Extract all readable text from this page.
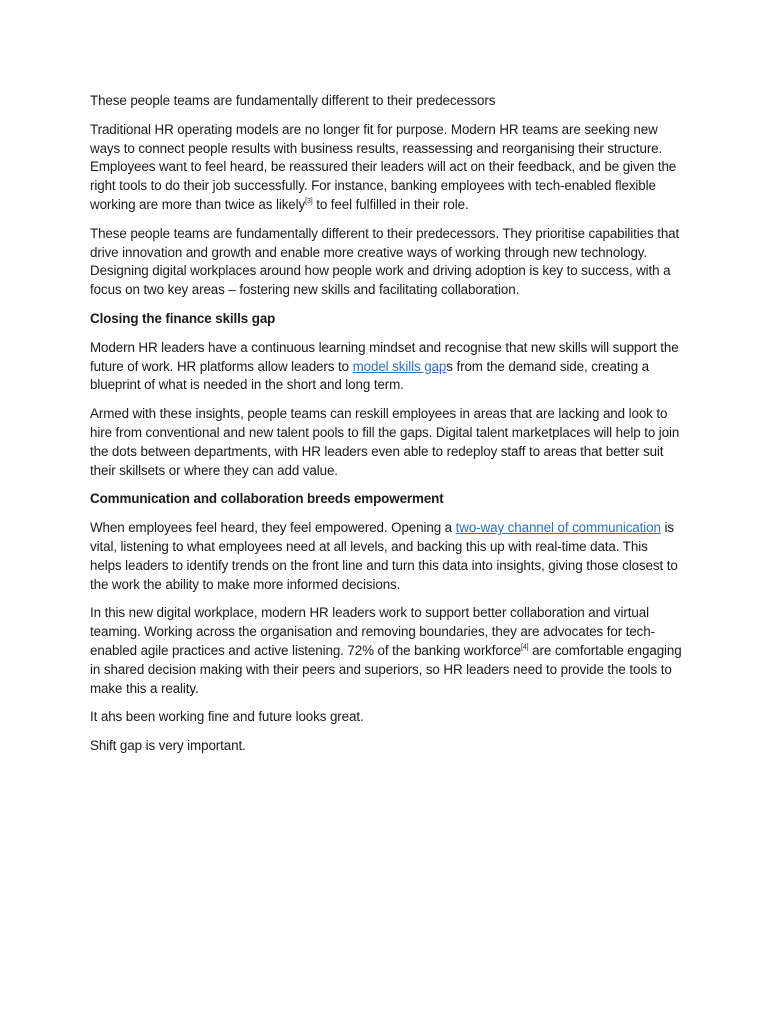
These people teams are fundamentally different to their predecessors

Traditional HR operating models are no longer fit for purpose. Modern HR teams are seeking new ways to connect people results with business results, reassessing and reorganising their structure. Employees want to feel heard, be reassured their leaders will act on their feedback, and be given the right tools to do their job successfully. For instance, banking employees with tech-enabled flexible working are more than twice as likely[3] to feel fulfilled in their role.

These people teams are fundamentally different to their predecessors. They prioritise capabilities that drive innovation and growth and enable more creative ways of working through new technology. Designing digital workplaces around how people work and driving adoption is key to success, with a focus on two key areas – fostering new skills and facilitating collaboration.

Closing the finance skills gap

Modern HR leaders have a continuous learning mindset and recognise that new skills will support the future of work. HR platforms allow leaders to model skills gaps from the demand side, creating a blueprint of what is needed in the short and long term.

Armed with these insights, people teams can reskill employees in areas that are lacking and look to hire from conventional and new talent pools to fill the gaps. Digital talent marketplaces will help to join the dots between departments, with HR leaders even able to redeploy staff to areas that better suit their skillsets or where they can add value.

Communication and collaboration breeds empowerment

When employees feel heard, they feel empowered. Opening a two-way channel of communication is vital, listening to what employees need at all levels, and backing this up with real-time data. This helps leaders to identify trends on the front line and turn this data into insights, giving those closest to the work the ability to make more informed decisions.

In this new digital workplace, modern HR leaders work to support better collaboration and virtual teaming. Working across the organisation and removing boundaries, they are advocates for tech-enabled agile practices and active listening. 72% of the banking workforce[4] are comfortable engaging in shared decision making with their peers and superiors, so HR leaders need to provide the tools to make this a reality.

It ahs been working fine and future looks great.

Shift gap is very important.
